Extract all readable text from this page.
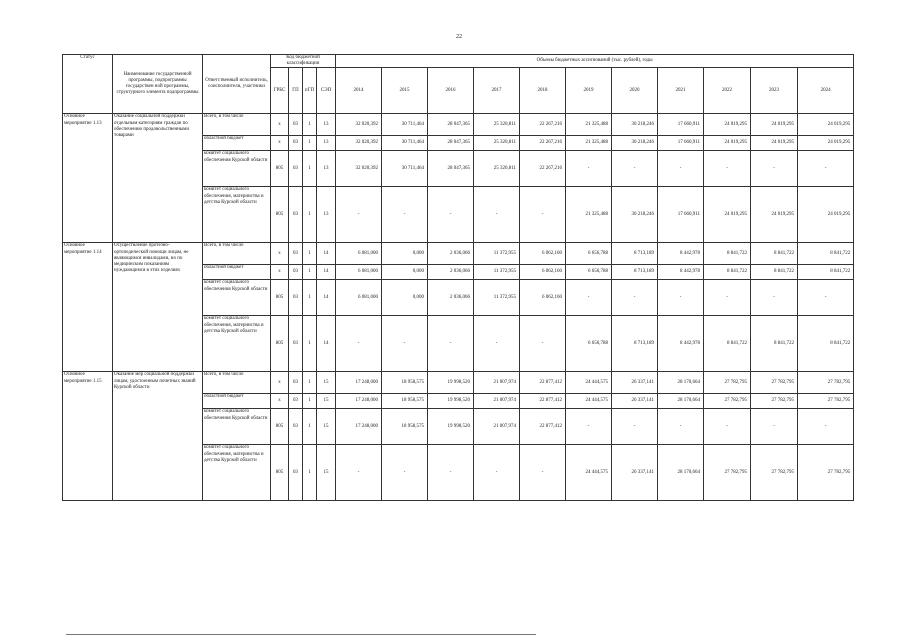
22
Статус	Наименование государственной программы, подпрограммы государствен ной программы, структурного элемента подпрограммы	Ответственный исполнитель, соисполнители, участники	Код бюджетной классификации				Объемы бюджетных ассигнований (тыс. рублей), годы										
			ГРБС	ГП	пГП	СЭП	2014	2015	2016	2017	2018	2019	2020	2021	2022	2023	2024
Основное мероприятие 1.13	Оказание социальной поддержки отдельным категориям граждан по обеспечению продовольственными товарами	Всего, в том числе	х	03	1	13	32 020,392	30 711,464	28 047,365	25 320,811	22 267,216	21 325,488	30 218,246	17 660,911	24 019,295	24 019,295	24 019,295
		областной бюджет	х	03	1	13	32 020,392	30 711,464	28 047,365	25 320,811	22 267,216	21 325,488	30 218,246	17 660,911	24 019,295	24 019,295	24 019,295
		комитет социального обеспечения Курской области	805	03	1	13	32 020,392	30 711,464	28 047,365	25 320,811	22 267,216	-	-	-	-	-	-
		комитет социального обеспечения, материнства и детства Курской области	805	03	1	13	-	-	-	-	-	21 325,488	30 218,246	17 660,911	24 019,295	24 019,295	24 019,295
Основное мероприятие 1.14	Осуществление протезно-ортопедической помощи лицам, не являющимся инвалидами, но по медицинским показаниям нуждающимся в этих изделиях	Всего, в том числе	х	03	1	14	6 081,000	0,000	2 036,066	11 372,955	6 062,160	6 656,788	8 713,189	8 442,978	8 841,722	8 841,722	8 841,722
		областной бюджет	х	03	1	14	6 081,000	0,000	2 036,066	11 372,955	6 062,160	6 656,788	8 713,189	8 442,978	8 841,722	8 841,722	8 841,722
		комитет социального обеспечения Курской области	805	03	1	14	6 081,000	0,000	2 036,066	11 372,955	6 062,160	-	-	-	-	-	-
		комитет социального обеспечения, материнства и детства Курской области	805	03	1	14	-	-	-	-	-	6 656,788	8 713,189	8 442,978	8 841,722	8 841,722	8 841,722
Основное мероприятие 1.15	Оказание мер социальной поддержки лицам, удостоенным почетных званий Курской области	Всего, в том числе	х	03	1	15	17 248,000	18 958,575	19 998,520	21 007,974	22 877,412	24 444,575	26 337,141	28 170,664	27 782,795	27 782,795	27 782,795
		областной бюджет	х	03	1	15	17 248,000	18 958,575	19 998,520	21 007,974	22 877,412	24 444,575	26 337,141	28 170,664	27 782,795	27 782,795	27 782,795
		комитет социального обеспечения Курской области	805	03	1	15	17 248,000	18 958,575	19 998,520	21 007,974	22 877,412	-	-	-	-	-	-
		комитет социального обеспечения, материнства и детства Курской области	805	03	1	15	-	-	-	-	-	24 444,575	26 337,141	28 170,664	27 782,795	27 782,795	27 782,795
